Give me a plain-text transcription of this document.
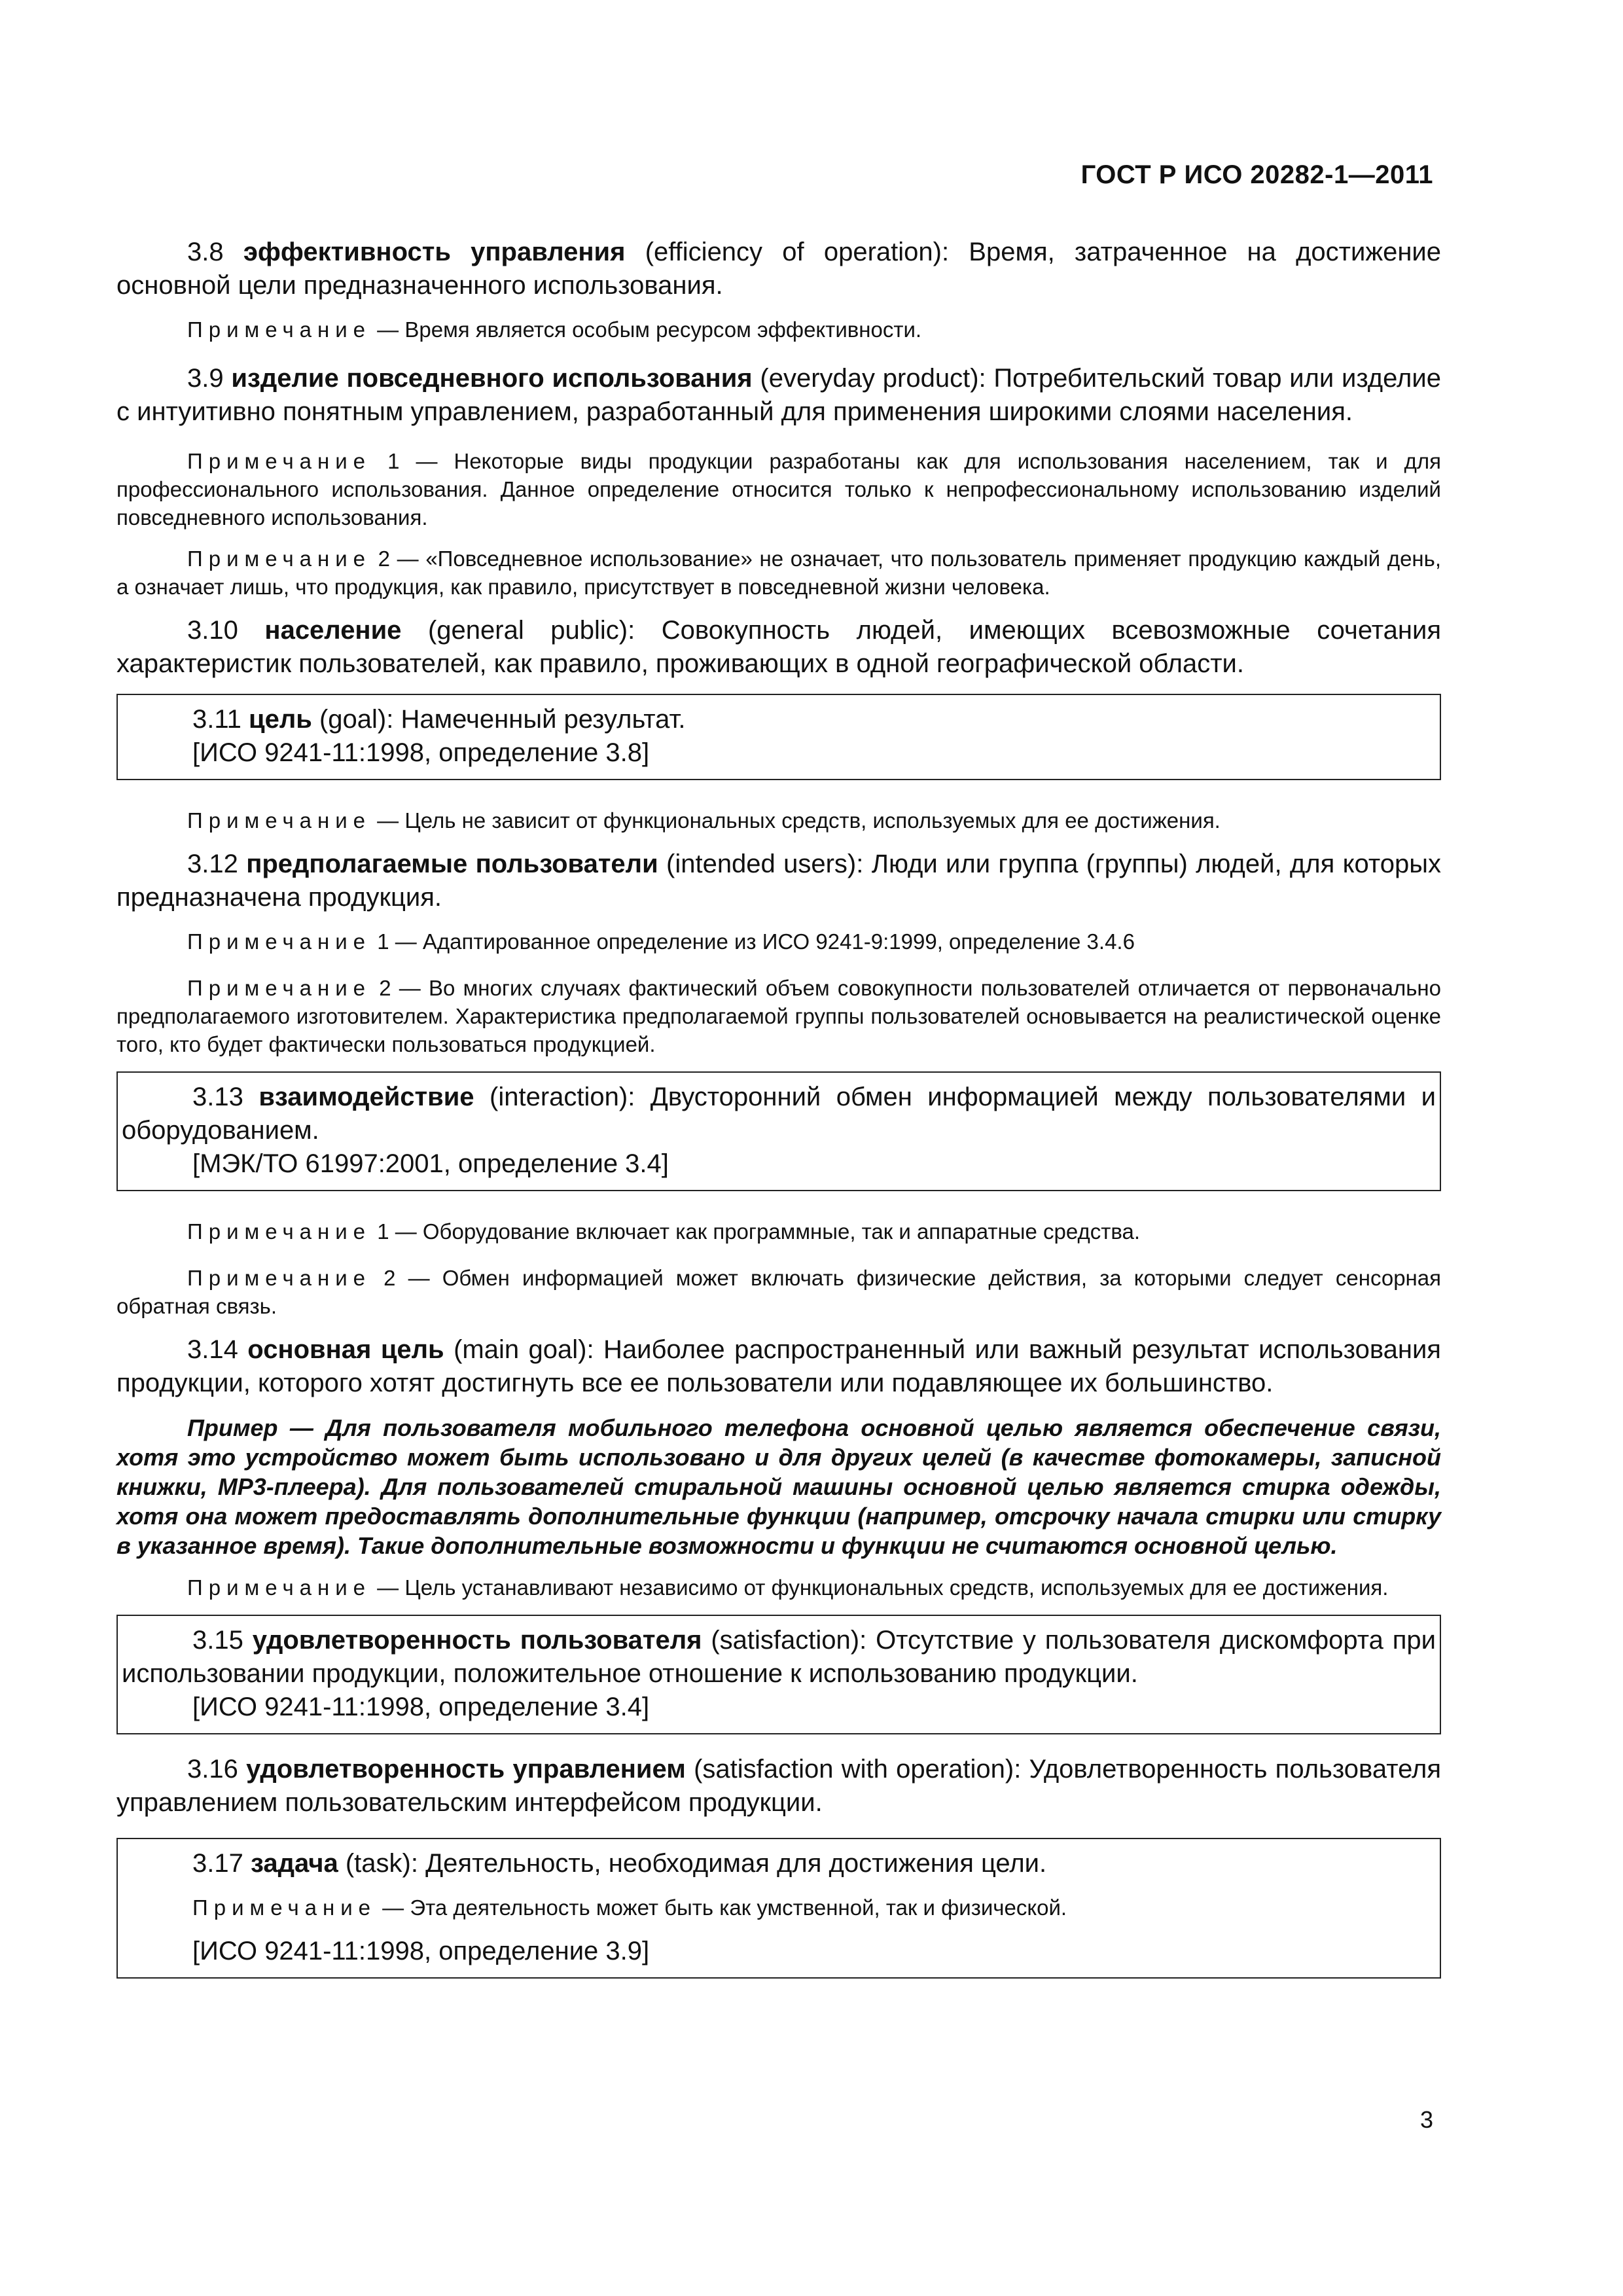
ГОСТ Р ИСО 20282-1—2011

3.8 эффективность управления (efficiency of operation): Время, затраченное на достижение основной цели предназначенного использования.

Примечание — Время является особым ресурсом эффективности.

3.9 изделие повседневного использования (everyday product): Потребительский товар или изделие с интуитивно понятным управлением, разработанный для применения широкими слоями населения.

Примечание 1 — Некоторые виды продукции разработаны как для использования населением, так и для профессионального использования. Данное определение относится только к непрофессиональному использованию изделий повседневного использования.

Примечание 2 — «Повседневное использование» не означает, что пользователь применяет продукцию каждый день, а означает лишь, что продукция, как правило, присутствует в повседневной жизни человека.

3.10 население (general public): Совокупность людей, имеющих всевозможные сочетания характеристик пользователей, как правило, проживающих в одной географической области.

3.11 цель (goal): Намеченный результат.

[ИСО 9241-11:1998, определение 3.8]

Примечание — Цель не зависит от функциональных средств, используемых для ее достижения.

3.12 предполагаемые пользователи (intended users): Люди или группа (группы) людей, для которых предназначена продукция.

Примечание 1 — Адаптированное определение из ИСО 9241-9:1999, определение 3.4.6

Примечание 2 — Во многих случаях фактический объем совокупности пользователей отличается от первоначально предполагаемого изготовителем. Характеристика предполагаемой группы пользователей основывается на реалистической оценке того, кто будет фактически пользоваться продукцией.

3.13 взаимодействие (interaction): Двусторонний обмен информацией между пользователями и оборудованием.

[МЭК/ТО 61997:2001, определение 3.4]

Примечание 1 — Оборудование включает как программные, так и аппаратные средства.

Примечание 2 — Обмен информацией может включать физические действия, за которыми следует сенсорная обратная связь.

3.14 основная цель (main goal): Наиболее распространенный или важный результат использования продукции, которого хотят достигнуть все ее пользователи или подавляющее их большинство.

Пример — Для пользователя мобильного телефона основной целью является обеспечение связи, хотя это устройство может быть использовано и для других целей (в качестве фотокамеры, записной книжки, МР3-плеера). Для пользователей стиральной машины основной целью является стирка одежды, хотя она может предоставлять дополнительные функции (например, отсрочку начала стирки или стирку в указанное время). Такие дополнительные возможности и функции не считаются основной целью.

Примечание — Цель устанавливают независимо от функциональных средств, используемых для ее достижения.

3.15 удовлетворенность пользователя (satisfaction): Отсутствие у пользователя дискомфорта при использовании продукции, положительное отношение к использованию продукции.

[ИСО 9241-11:1998, определение 3.4]

3.16 удовлетворенность управлением (satisfaction with operation): Удовлетворенность пользователя управлением пользовательским интерфейсом продукции.

3.17 задача (task): Деятельность, необходимая для достижения цели.

Примечание — Эта деятельность может быть как умственной, так и физической.

[ИСО 9241-11:1998, определение 3.9]

3
